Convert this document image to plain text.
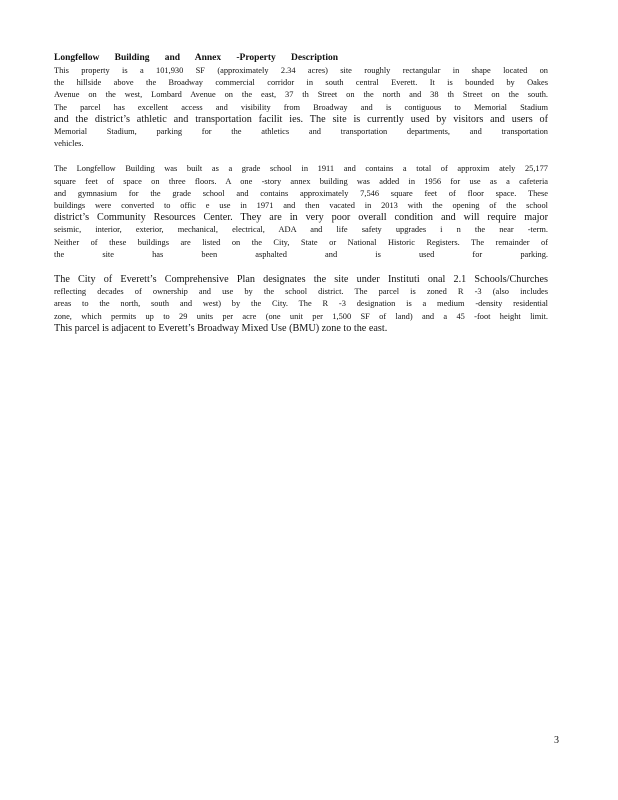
Longfellow Building and Annex -Property Description
This property is a 101,930 SF (approximately 2.34 acres) site roughly rectangular in shape located on
the hillside above the Broadway commercial corridor in south central Everett. It is bounded by Oakes
Avenue on the west, Lombard Avenue on the east, 37 th Street on the north and 38 th Street on the south.
The parcel has excellent access and visibility from Broadway and is contiguous to Memorial Stadium
and the district’s athletic and transportation facilit ies. The site is currently used by visitors and users of
Memorial Stadium, parking for the athletics and transportation departments, and transportation
vehicles.
The Longfellow Building was built as a grade school in 1911 and contains a total of approxim ately 25,177
square feet of space on three floors. A one -story annex building was added in 1956 for use as a cafeteria
and gymnasium for the grade school and contains approximately 7,546 square feet of floor space. These
buildings were converted to offic e use in 1971 and then vacated in 2013 with the opening of the school
district’s Community Resources Center. They are in very poor overall condition and will require major
seismic, interior, exterior, mechanical, electrical, ADA and life safety upgrades i n the near -term.
Neither of these buildings are listed on the City, State or National Historic Registers. The remainder of
the site has been asphalted and is used for parking.
The City of Everett’s Comprehensive Plan designates the site under Instituti onal 2.1 Schools/Churches
reflecting decades of ownership and use by the school district. The parcel is zoned R -3 (also includes
areas to the north, south and west) by the City. The R -3 designation is a medium -density residential
zone, which permits up to 29 units per acre (one unit per 1,500 SF of land) and a 45 -foot height limit.
This parcel is adjacent to Everett’s Broadway Mixed Use (BMU) zone to the east.
3
